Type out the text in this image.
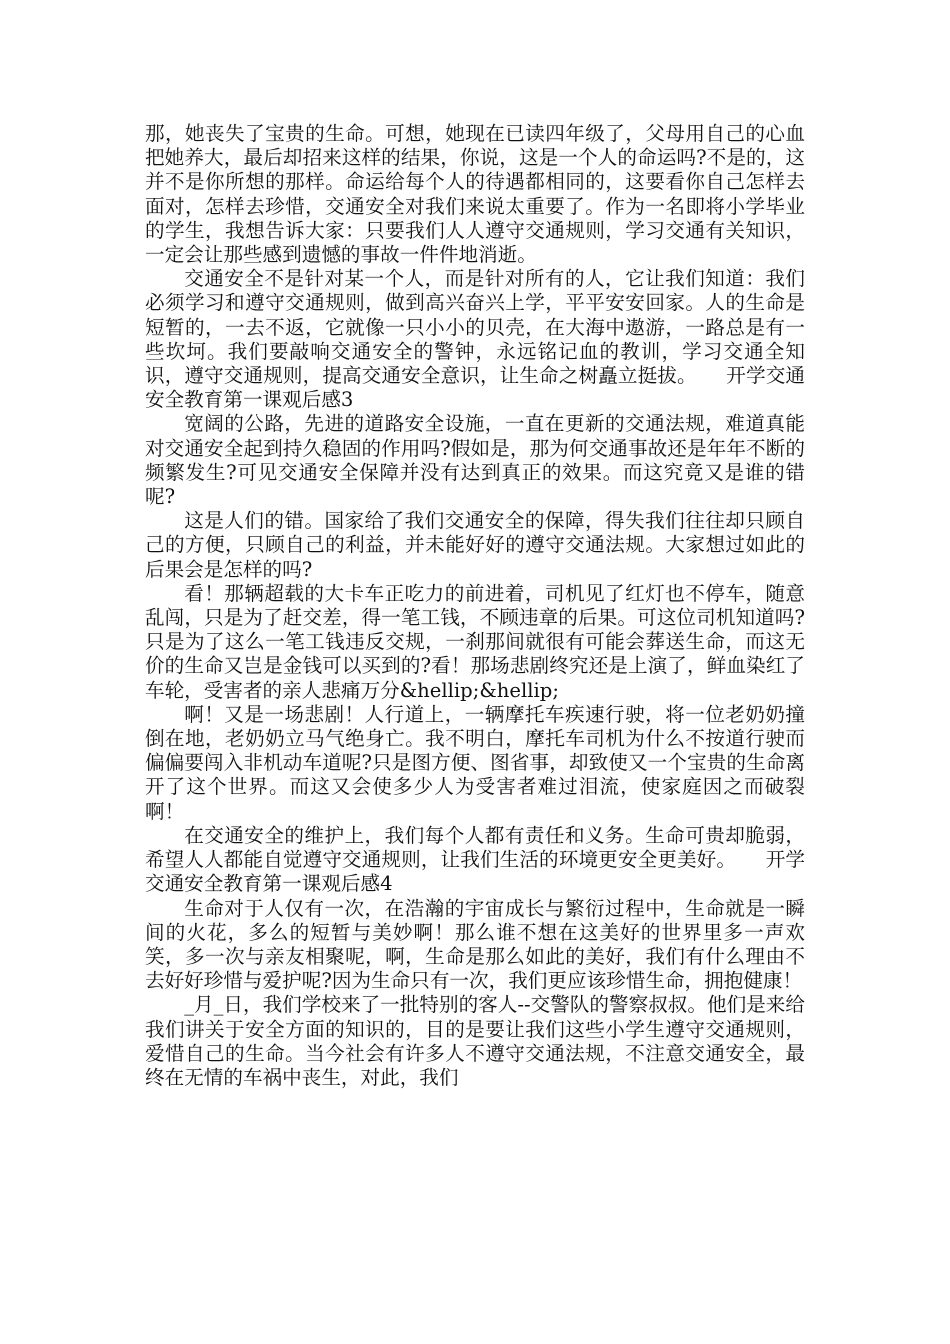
那，她丧失了宝贵的生命。可想，她现在已读四年级了，父母用自己的心血把她养大，最后却招来这样的结果，你说，这是一个人的命运吗?不是的，这并不是你所想的那样。命运给每个人的待遇都相同的，这要看你自己怎样去面对，怎样去珍惜，交通安全对我们来说太重要了。作为一名即将小学毕业的学生，我想告诉大家：只要我们人人遵守交通规则，学习交通有关知识，一定会让那些感到遗憾的事故一件件地消逝。

交通安全不是针对某一个人，而是针对所有的人，它让我们知道：我们必须学习和遵守交通规则，做到高兴奋兴上学，平平安安回家。人的生命是短暂的，一去不返，它就像一只小小的贝壳，在大海中遨游，一路总是有一些坎坷。我们要敲响交通安全的警钟，永远铭记血的教训，学习交通全知识，遵守交通规则，提高交通安全意识，让生命之树矗立挺拔。　　开学交通安全教育第一课观后感3

宽阔的公路，先进的道路安全设施，一直在更新的交通法规，难道真能对交通安全起到持久稳固的作用吗?假如是，那为何交通事故还是年年不断的频繁发生?可见交通安全保障并没有达到真正的效果。而这究竟又是谁的错呢?

这是人们的错。国家给了我们交通安全的保障，得失我们往往却只顾自己的方便，只顾自己的利益，并未能好好的遵守交通法规。大家想过如此的后果会是怎样的吗?

看！那辆超载的大卡车正吃力的前进着，司机见了红灯也不停车，随意乱闯，只是为了赶交差，得一笔工钱，不顾违章的后果。可这位司机知道吗?只是为了这么一笔工钱违反交规，一刹那间就很有可能会葬送生命，而这无价的生命又岂是金钱可以买到的?看！那场悲剧终究还是上演了，鲜血染红了车轮，受害者的亲人悲痛万分&hellip;&hellip;

啊！又是一场悲剧！人行道上，一辆摩托车疾速行驶，将一位老奶奶撞倒在地，老奶奶立马气绝身亡。我不明白，摩托车司机为什么不按道行驶而偏偏要闯入非机动车道呢?只是图方便、图省事，却致使又一个宝贵的生命离开了这个世界。而这又会使多少人为受害者难过泪流，使家庭因之而破裂啊！

在交通安全的维护上，我们每个人都有责任和义务。生命可贵却脆弱，希望人人都能自觉遵守交通规则，让我们生活的环境更安全更美好。　　开学交通安全教育第一课观后感4

生命对于人仅有一次，在浩瀚的宇宙成长与繁衍过程中，生命就是一瞬间的火花，多么的短暂与美妙啊！那么谁不想在这美好的世界里多一声欢笑，多一次与亲友相聚呢，啊，生命是那么如此的美好，我们有什么理由不去好好珍惜与爱护呢?因为生命只有一次，我们更应该珍惜生命，拥抱健康！

_月_日，我们学校来了一批特别的客人--交警队的警察叔叔。他们是来给我们讲关于安全方面的知识的，目的是要让我们这些小学生遵守交通规则，爱惜自己的生命。当今社会有许多人不遵守交通法规，不注意交通安全，最终在无情的车祸中丧生，对此，我们
